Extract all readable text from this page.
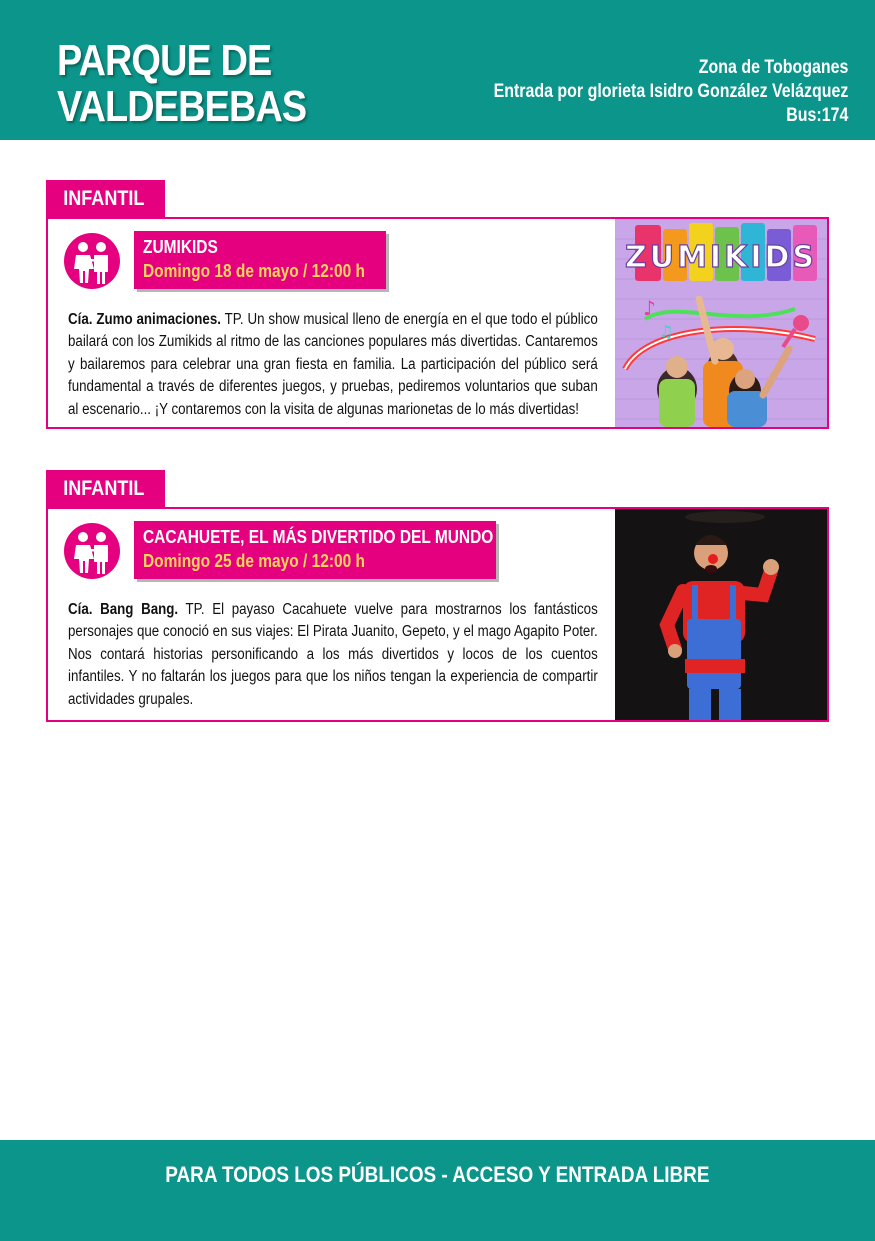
PARQUE DE
VALDEBEBAS
Zona de Toboganes
Entrada por glorieta Isidro González Velázquez
Bus:174
INFANTIL
ZUMIKIDS
Domingo 18 de mayo / 12:00 h
Cía. Zumo animaciones. TP. Un show musical lleno de energía en el que todo el público bailará con los Zumikids al ritmo de las canciones populares más divertidas. Cantaremos y bailaremos para celebrar una gran fiesta en familia. La participación del público será fundamental a través de diferentes juegos, y pruebas, pediremos voluntarios que suban al escenario... ¡Y contaremos con la visita de algunas marionetas de lo más divertidas!
ZUMIKIDS
♪
♫
INFANTIL
CACAHUETE, EL MÁS DIVERTIDO DEL MUNDO
Domingo 25 de mayo / 12:00 h
Cía. Bang Bang. TP. El payaso Cacahuete vuelve para mostrarnos los fantásticos personajes que conoció en sus viajes: El Pirata Juanito, Gepeto, y el mago Agapito Poter. Nos contará historias personificando a los más divertidos y locos de los cuentos infantiles. Y no faltarán los juegos para que los niños tengan la experiencia de compartir actividades grupales.
PARA TODOS LOS PÚBLICOS - ACCESO Y ENTRADA LIBRE
